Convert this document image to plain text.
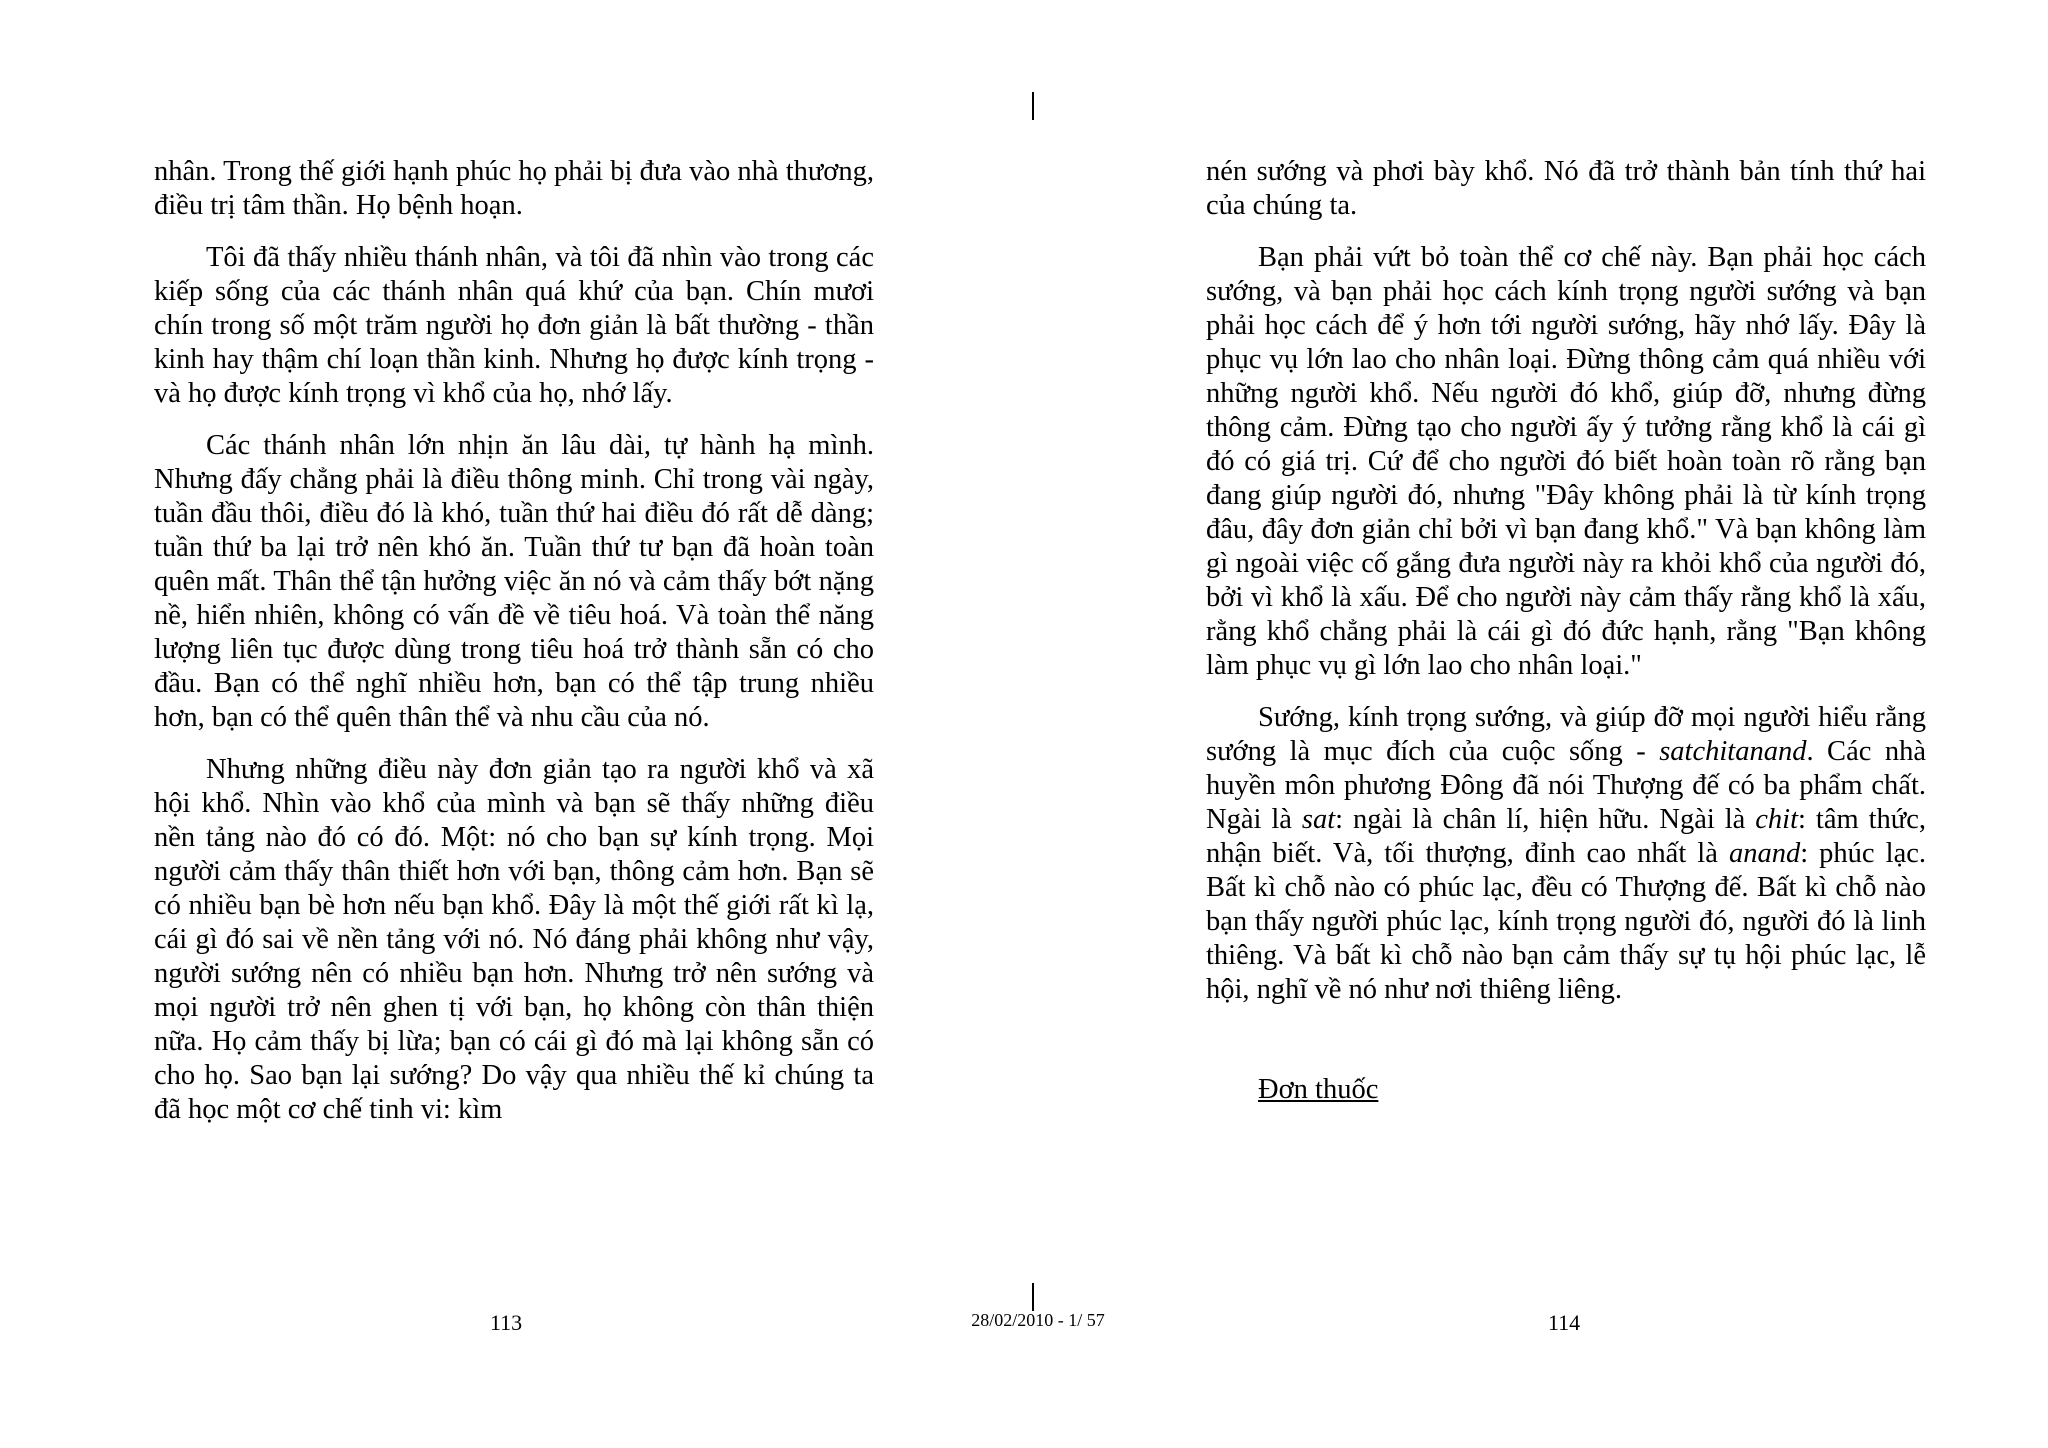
nhân. Trong thế giới hạnh phúc họ phải bị đưa vào nhà thương, điều trị tâm thần. Họ bệnh hoạn.

Tôi đã thấy nhiều thánh nhân, và tôi đã nhìn vào trong các kiếp sống của các thánh nhân quá khứ của bạn. Chín mươi chín trong số một trăm người họ đơn giản là bất thường - thần kinh hay thậm chí loạn thần kinh. Nhưng họ được kính trọng - và họ được kính trọng vì khổ của họ, nhớ lấy.

Các thánh nhân lớn nhịn ăn lâu dài, tự hành hạ mình. Nhưng đấy chẳng phải là điều thông minh. Chỉ trong vài ngày, tuần đầu thôi, điều đó là khó, tuần thứ hai điều đó rất dễ dàng; tuần thứ ba lại trở nên khó ăn. Tuần thứ tư bạn đã hoàn toàn quên mất. Thân thể tận hưởng việc ăn nó và cảm thấy bớt nặng nề, hiển nhiên, không có vấn đề về tiêu hoá. Và toàn thể năng lượng liên tục được dùng trong tiêu hoá trở thành sẵn có cho đầu. Bạn có thể nghĩ nhiều hơn, bạn có thể tập trung nhiều hơn, bạn có thể quên thân thể và nhu cầu của nó.

Nhưng những điều này đơn giản tạo ra người khổ và xã hội khổ. Nhìn vào khổ của mình và bạn sẽ thấy những điều nền tảng nào đó có đó. Một: nó cho bạn sự kính trọng. Mọi người cảm thấy thân thiết hơn với bạn, thông cảm hơn. Bạn sẽ có nhiều bạn bè hơn nếu bạn khổ. Đây là một thế giới rất kì lạ, cái gì đó sai về nền tảng với nó. Nó đáng phải không như vậy, người sướng nên có nhiều bạn hơn. Nhưng trở nên sướng và mọi người trở nên ghen tị với bạn, họ không còn thân thiện nữa. Họ cảm thấy bị lừa; bạn có cái gì đó mà lại không sẵn có cho họ. Sao bạn lại sướng? Do vậy qua nhiều thế kỉ chúng ta đã học một cơ chế tinh vi: kìm

nén sướng và phơi bày khổ. Nó đã trở thành bản tính thứ hai của chúng ta.

Bạn phải vứt bỏ toàn thể cơ chế này. Bạn phải học cách sướng, và bạn phải học cách kính trọng người sướng và bạn phải học cách để ý hơn tới người sướng, hãy nhớ lấy. Đây là phục vụ lớn lao cho nhân loại. Đừng thông cảm quá nhiều với những người khổ. Nếu người đó khổ, giúp đỡ, nhưng đừng thông cảm. Đừng tạo cho người ấy ý tưởng rằng khổ là cái gì đó có giá trị. Cứ để cho người đó biết hoàn toàn rõ rằng bạn đang giúp người đó, nhưng "Đây không phải là từ kính trọng đâu, đây đơn giản chỉ bởi vì bạn đang khổ." Và bạn không làm gì ngoài việc cố gắng đưa người này ra khỏi khổ của người đó, bởi vì khổ là xấu. Để cho người này cảm thấy rằng khổ là xấu, rằng khổ chẳng phải là cái gì đó đức hạnh, rằng "Bạn không làm phục vụ gì lớn lao cho nhân loại."

Sướng, kính trọng sướng, và giúp đỡ mọi người hiểu rằng sướng là mục đích của cuộc sống - satchitanand. Các nhà huyền môn phương Đông đã nói Thượng đế có ba phẩm chất. Ngài là sat: ngài là chân lí, hiện hữu. Ngài là chit: tâm thức, nhận biết. Và, tối thượng, đỉnh cao nhất là anand: phúc lạc. Bất kì chỗ nào có phúc lạc, đều có Thượng đế. Bất kì chỗ nào bạn thấy người phúc lạc, kính trọng người đó, người đó là linh thiêng. Và bất kì chỗ nào bạn cảm thấy sự tụ hội phúc lạc, lễ hội, nghĩ về nó như nơi thiêng liêng.

Đơn thuốc
113	28/02/2010 - 1/ 57	114
